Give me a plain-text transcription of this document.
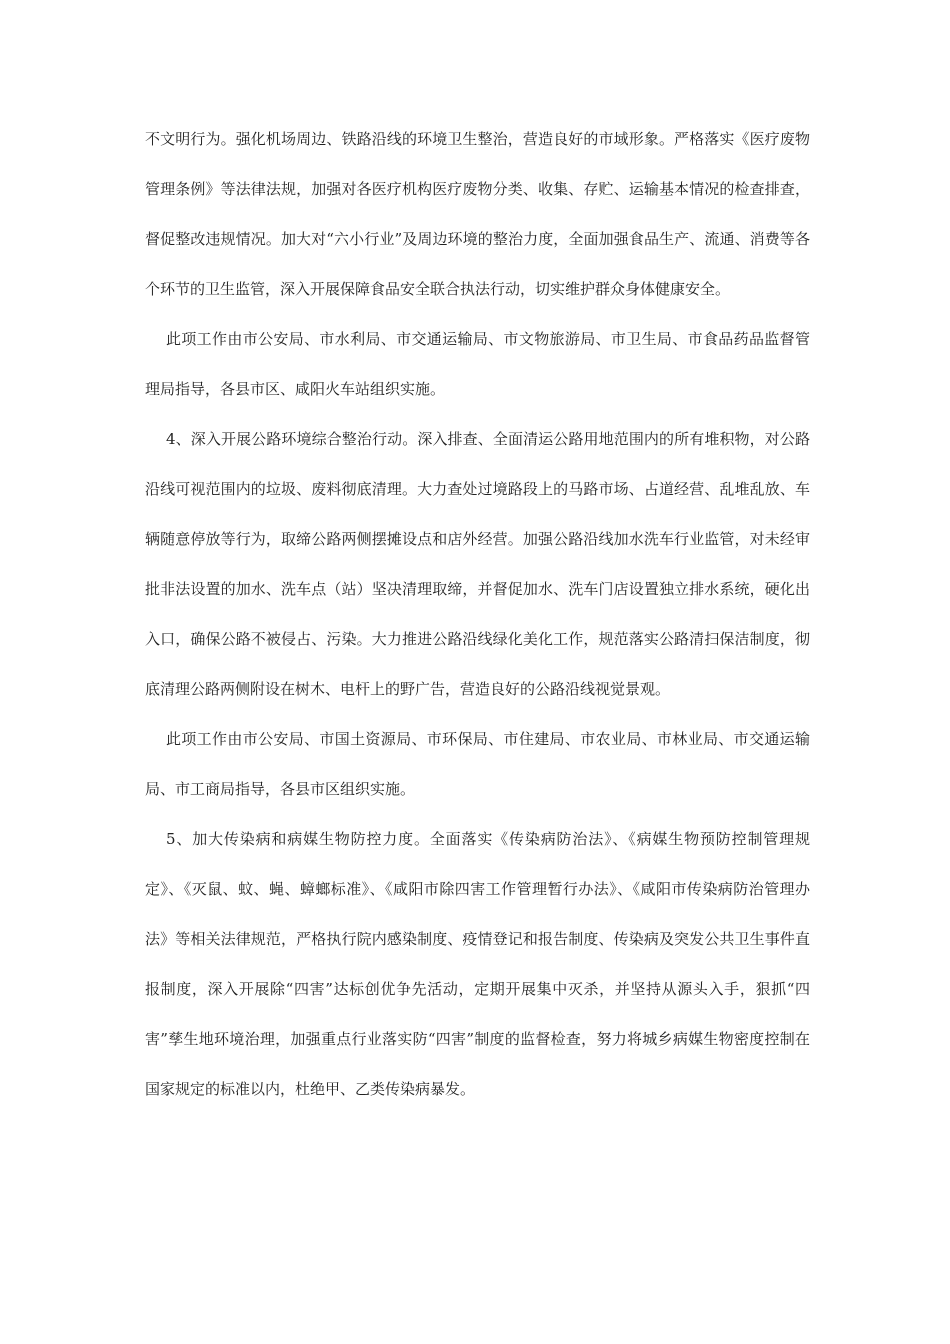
不文明行为。强化机场周边、铁路沿线的环境卫生整治，营造良好的市域形象。严格落实《医疗废物管理条例》等法律法规，加强对各医疗机构医疗废物分类、收集、存贮、运输基本情况的检查排查，督促整改违规情况。加大对“六小行业”及周边环境的整治力度，全面加强食品生产、流通、消费等各个环节的卫生监管，深入开展保障食品安全联合执法行动，切实维护群众身体健康安全。

此项工作由市公安局、市水利局、市交通运输局、市文物旅游局、市卫生局、市食品药品监督管理局指导，各县市区、咸阳火车站组织实施。

4、深入开展公路环境综合整治行动。深入排查、全面清运公路用地范围内的所有堆积物，对公路沿线可视范围内的垃圾、废料彻底清理。大力查处过境路段上的马路市场、占道经营、乱堆乱放、车辆随意停放等行为，取缔公路两侧摆摊设点和店外经营。加强公路沿线加水洗车行业监管，对未经审批非法设置的加水、洗车点（站）坚决清理取缔，并督促加水、洗车门店设置独立排水系统，硬化出入口，确保公路不被侵占、污染。大力推进公路沿线绿化美化工作，规范落实公路清扫保洁制度，彻底清理公路两侧附设在树木、电杆上的野广告，营造良好的公路沿线视觉景观。

此项工作由市公安局、市国土资源局、市环保局、市住建局、市农业局、市林业局、市交通运输局、市工商局指导，各县市区组织实施。

5、加大传染病和病媒生物防控力度。全面落实《传染病防治法》、《病媒生物预防控制管理规定》、《灭鼠、蚊、蝇、蟑螂标准》、《咸阳市除四害工作管理暂行办法》、《咸阳市传染病防治管理办法》等相关法律规范，严格执行院内感染制度、疫情登记和报告制度、传染病及突发公共卫生事件直报制度，深入开展除“四害”达标创优争先活动，定期开展集中灭杀，并坚持从源头入手，狠抓“四害”孳生地环境治理，加强重点行业落实防“四害”制度的监督检查，努力将城乡病媒生物密度控制在国家规定的标准以内，杜绝甲、乙类传染病暴发。
